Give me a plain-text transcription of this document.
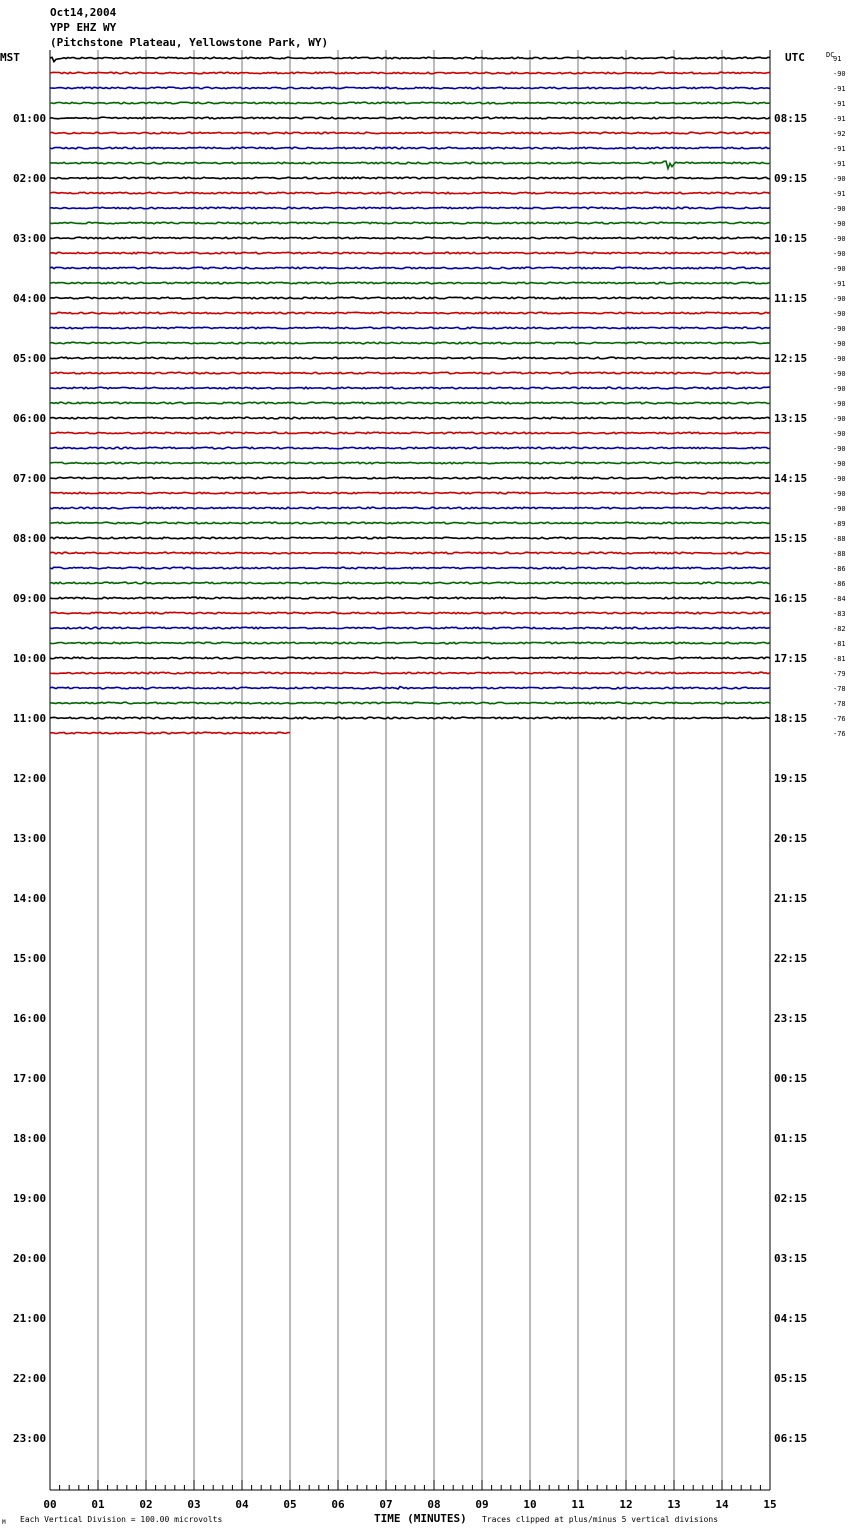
Oct14,2004
YPP EHZ WY
(Pitchstone Plateau, Yellowstone Park, WY)
MST	UTC	DC
01:00
02:00
03:00
04:00
05:00
06:00
07:00
08:00
09:00
10:00
11:00
12:00
13:00
14:00
15:00
16:00
17:00
18:00
19:00
20:00
21:00
22:00
23:00
08:15
09:15
10:15
11:15
12:15
13:15
14:15
15:15
16:15
17:15
18:15
19:15
20:15
21:15
22:15
23:15
00:15
01:15
02:15
03:15
04:15
05:15
06:15
91
-90
-91
-91
-91
-92
-91
-91
-90
-91
-90
-90
-90
-90
-90
-91
-90
-90
-90
-90
-90
-90
-90
-90
-90
-90
-90
-90
-90
-90
-90
-89
-88
-88
-86
-86
-84
-83
-82
-81
-81
-79
-78
-78
-76
-76
00	01	02	03	04	05	06	07	08	09	10	11	12	13	14	15
M Each Vertical Division = 100.00 microvolts	TIME (MINUTES) Traces clipped at plus/minus 5 vertical divisions
